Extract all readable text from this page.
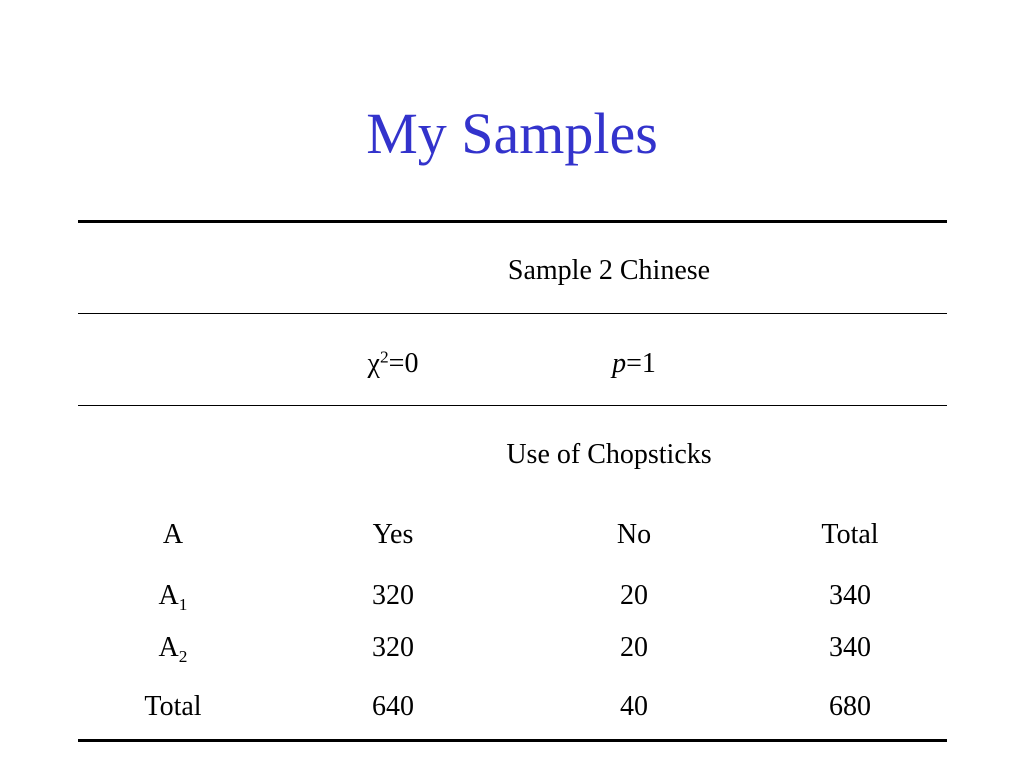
My Samples
Sample 2 Chinese
$\chi^2=0$	p=1
Use of Chopsticks
A	Yes	No	Total
$A_1$	320	20	340
$A_2$	320	20	340
Total	640	40	680
